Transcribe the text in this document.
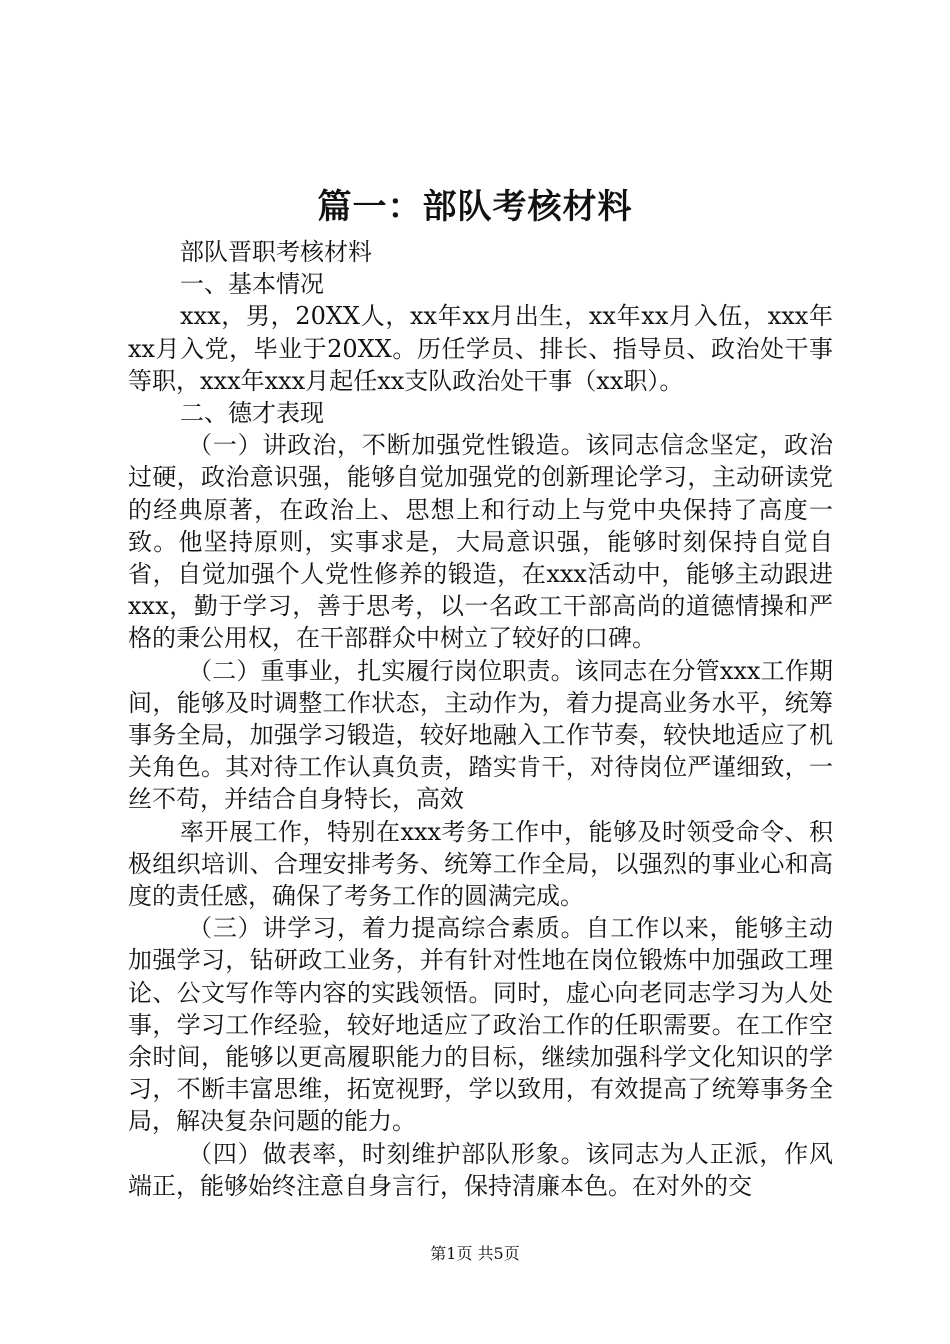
篇一：部队考核材料

部队晋职考核材料

一、基本情况

xxx，男，20XX人，xx年xx月出生，xx年xx月入伍，xxx年xx月入党，毕业于20XX。历任学员、排长、指导员、政治处干事等职，xxx年xxx月起任xx支队政治处干事（xx职）。

二、德才表现

（一）讲政治，不断加强党性锻造。该同志信念坚定，政治过硬，政治意识强，能够自觉加强党的创新理论学习，主动研读党的经典原著，在政治上、思想上和行动上与党中央保持了高度一致。他坚持原则，实事求是，大局意识强，能够时刻保持自觉自省，自觉加强个人党性修养的锻造，在xxx活动中，能够主动跟进xxx，勤于学习，善于思考，以一名政工干部高尚的道德情操和严格的秉公用权，在干部群众中树立了较好的口碑。

（二）重事业，扎实履行岗位职责。该同志在分管xxx工作期间，能够及时调整工作状态，主动作为，着力提高业务水平，统筹事务全局，加强学习锻造，较好地融入工作节奏，较快地适应了机关角色。其对待工作认真负责，踏实肯干，对待岗位严谨细致，一丝不苟，并结合自身特长，高效

率开展工作，特别在xxx考务工作中，能够及时领受命令、积极组织培训、合理安排考务、统筹工作全局，以强烈的事业心和高度的责任感，确保了考务工作的圆满完成。

（三）讲学习，着力提高综合素质。自工作以来，能够主动加强学习，钻研政工业务，并有针对性地在岗位锻炼中加强政工理论、公文写作等内容的实践领悟。同时，虚心向老同志学习为人处事，学习工作经验，较好地适应了政治工作的任职需要。在工作空余时间，能够以更高履职能力的目标，继续加强科学文化知识的学习，不断丰富思维，拓宽视野，学以致用，有效提高了统筹事务全局，解决复杂问题的能力。

（四）做表率，时刻维护部队形象。该同志为人正派，作风端正，能够始终注意自身言行，保持清廉本色。在对外的交

第1页 共5页
